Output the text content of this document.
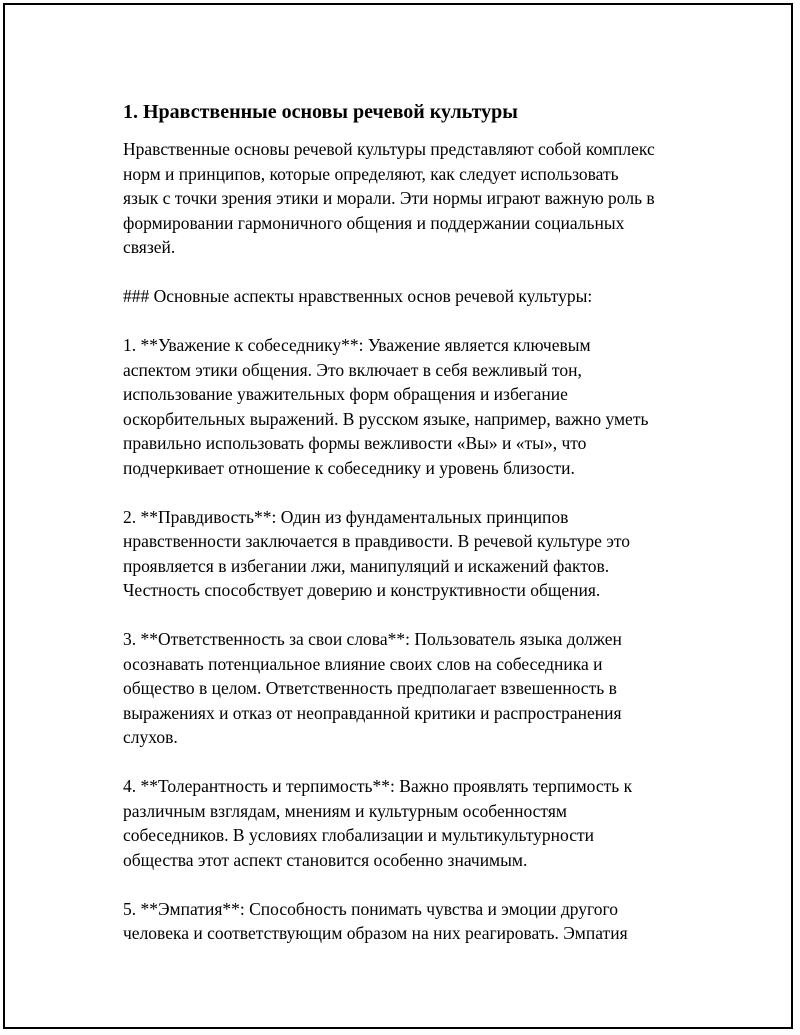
1. Нравственные основы речевой культуры
Нравственные основы речевой культуры представляют собой комплекс
норм и принципов, которые определяют, как следует использовать
язык с точки зрения этики и морали. Эти нормы играют важную роль в
формировании гармоничного общения и поддержании социальных
связей.
### Основные аспекты нравственных основ речевой культуры:
1. **Уважение к собеседнику**: Уважение является ключевым
аспектом этики общения. Это включает в себя вежливый тон,
использование уважительных форм обращения и избегание
оскорбительных выражений. В русском языке, например, важно уметь
правильно использовать формы вежливости «Вы» и «ты», что
подчеркивает отношение к собеседнику и уровень близости.
2. **Правдивость**: Один из фундаментальных принципов
нравственности заключается в правдивости. В речевой культуре это
проявляется в избегании лжи, манипуляций и искажений фактов.
Честность способствует доверию и конструктивности общения.
3. **Ответственность за свои слова**: Пользователь языка должен
осознавать потенциальное влияние своих слов на собеседника и
общество в целом. Ответственность предполагает взвешенность в
выражениях и отказ от неоправданной критики и распространения
слухов.
4. **Толерантность и терпимость**: Важно проявлять терпимость к
различным взглядам, мнениям и культурным особенностям
собеседников. В условиях глобализации и мультикультурности
общества этот аспект становится особенно значимым.
5. **Эмпатия**: Способность понимать чувства и эмоции другого
человека и соответствующим образом на них реагировать. Эмпатия
